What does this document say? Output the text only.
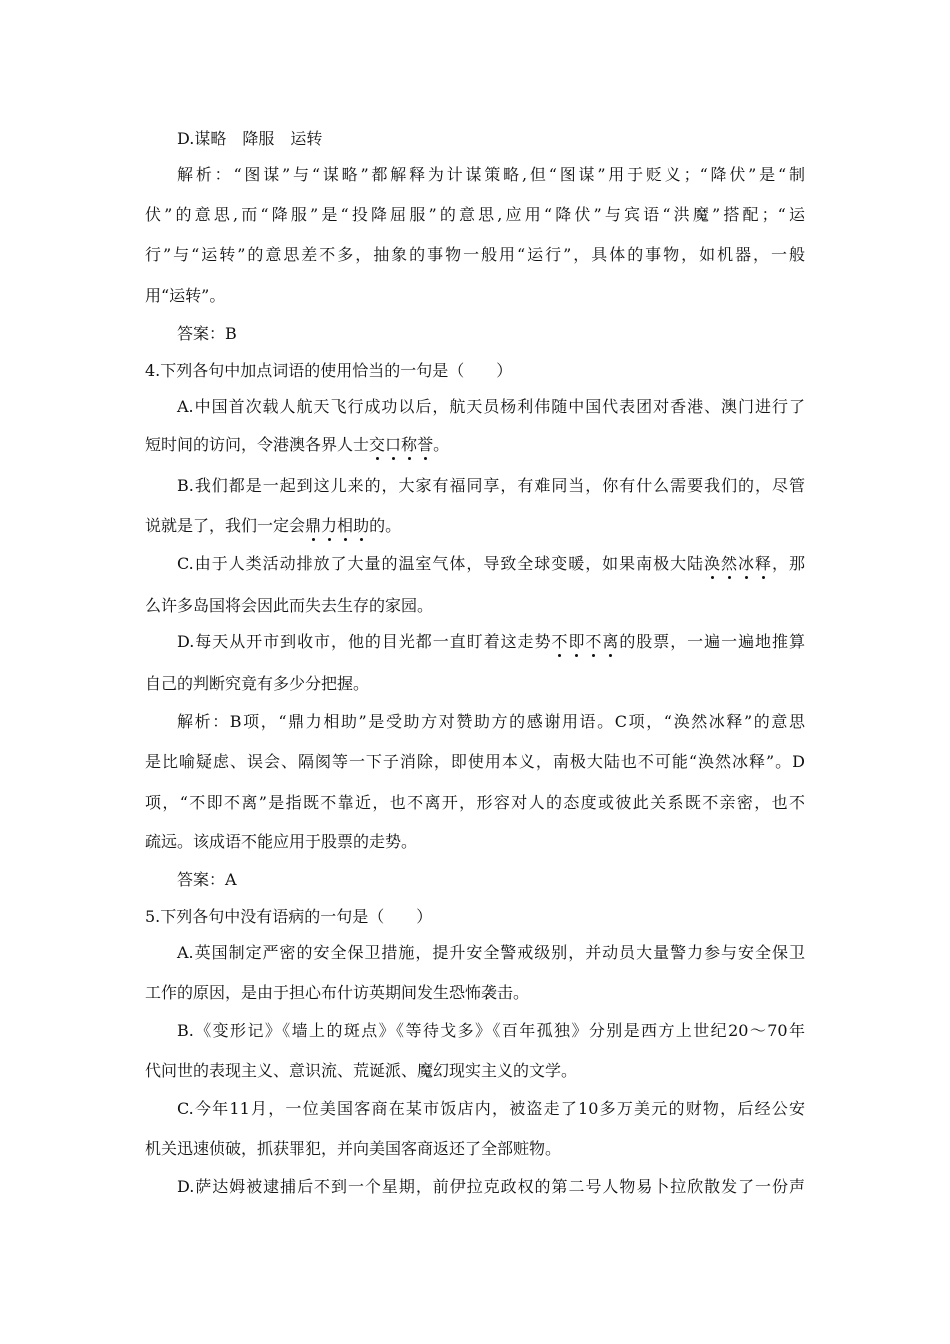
D.谋略　降服　运转
解析：“图谋”与“谋略”都解释为计谋策略,但“图谋”用于贬义；“降伏”是“制
伏”的意思,而“降服”是“投降屈服”的意思,应用“降伏”与宾语“洪魔”搭配；“运
行”与“运转”的意思差不多，抽象的事物一般用“运行”，具体的事物，如机器，一般
用“运转”。
答案：B
4.下列各句中加点词语的使用恰当的一句是（　　）
A.中国首次载人航天飞行成功以后，航天员杨利伟随中国代表团对香港、澳门进行了
短时间的访问，令港澳各界人士交口称誉。
B.我们都是一起到这儿来的，大家有福同享，有难同当，你有什么需要我们的，尽管
说就是了，我们一定会鼎力相助的。
C.由于人类活动排放了大量的温室气体，导致全球变暖，如果南极大陆涣然冰释，那
么许多岛国将会因此而失去生存的家园。
D.每天从开市到收市，他的目光都一直盯着这走势不即不离的股票，一遍一遍地推算
自己的判断究竟有多少分把握。
解析：B项，“鼎力相助”是受助方对赞助方的感谢用语。C项，“涣然冰释”的意思
是比喻疑虑、误会、隔阂等一下子消除，即使用本义，南极大陆也不可能“涣然冰释”。D
项，“不即不离”是指既不靠近，也不离开，形容对人的态度或彼此关系既不亲密，也不
疏远。该成语不能应用于股票的走势。
答案：A
5.下列各句中没有语病的一句是（　　）
A.英国制定严密的安全保卫措施，提升安全警戒级别，并动员大量警力参与安全保卫
工作的原因，是由于担心布什访英期间发生恐怖袭击。
B.《变形记》《墙上的斑点》《等待戈多》《百年孤独》分别是西方上世纪20～70年
代问世的表现主义、意识流、荒诞派、魔幻现实主义的文学。
C.今年11月，一位美国客商在某市饭店内，被盗走了10多万美元的财物，后经公安
机关迅速侦破，抓获罪犯，并向美国客商返还了全部赃物。
D.萨达姆被逮捕后不到一个星期，前伊拉克政权的第二号人物易卜拉欣散发了一份声
